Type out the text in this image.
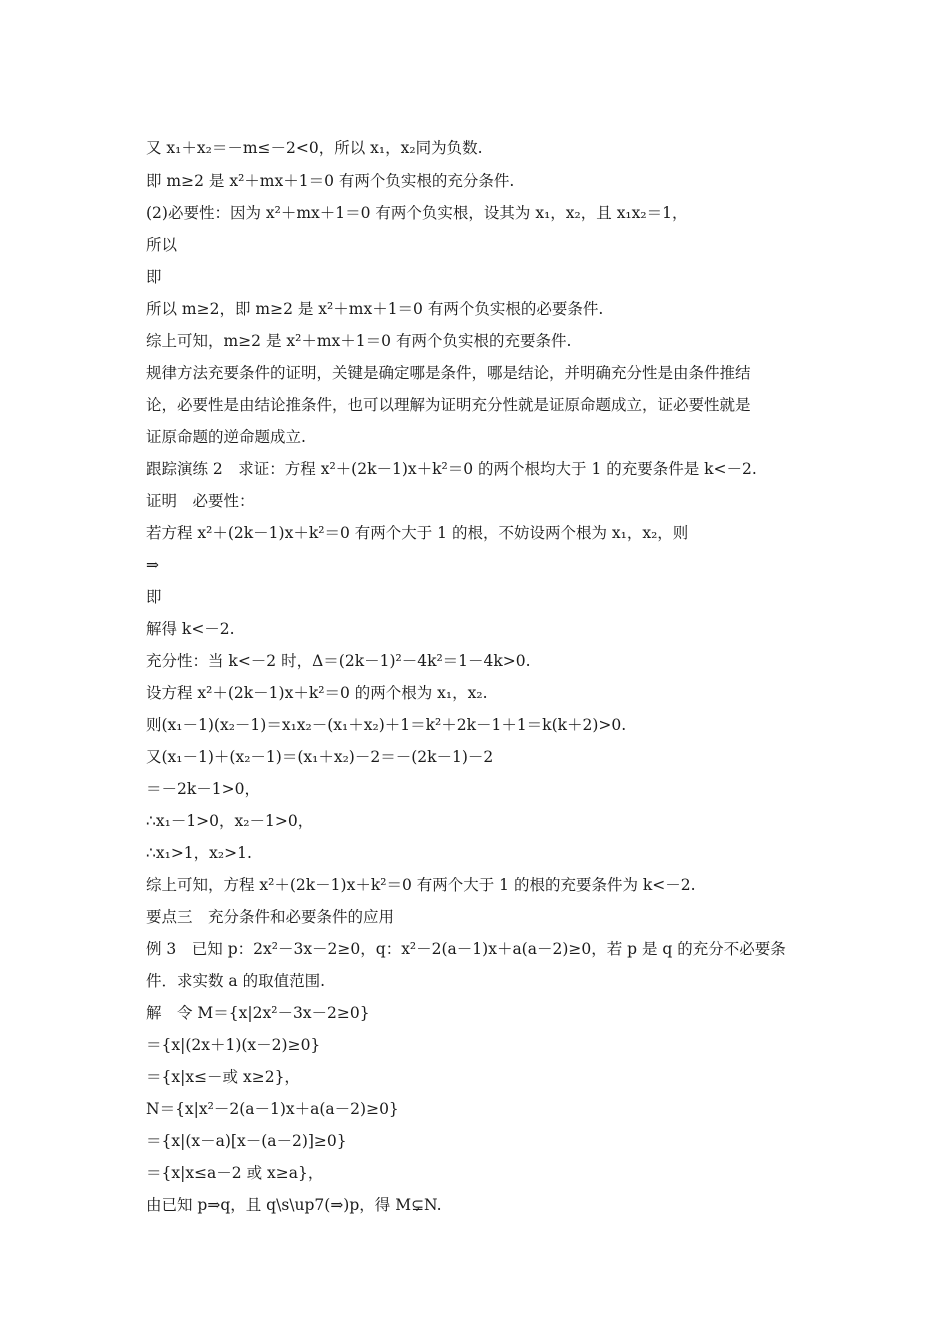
又 x₁＋x₂＝－m≤－2<0，所以 x₁，x₂同为负数.
即 m≥2 是 x²＋mx＋1＝0 有两个负实根的充分条件.
(2)必要性：因为 x²＋mx＋1＝0 有两个负实根，设其为 x₁，x₂，且 x₁x₂＝1，
所以
即
所以 m≥2，即 m≥2 是 x²＋mx＋1＝0 有两个负实根的必要条件.
综上可知，m≥2 是 x²＋mx＋1＝0 有两个负实根的充要条件.
规律方法充要条件的证明，关键是确定哪是条件，哪是结论，并明确充分性是由条件推结
论，必要性是由结论推条件，也可以理解为证明充分性就是证原命题成立，证必要性就是
证原命题的逆命题成立.
跟踪演练 2　求证：方程 x²＋(2k－1)x＋k²＝0 的两个根均大于 1 的充要条件是 k<－2.
证明　必要性：
若方程 x²＋(2k－1)x＋k²＝0 有两个大于 1 的根，不妨设两个根为 x₁，x₂，则
⇒
即
解得 k<－2.
充分性：当 k<－2 时，Δ＝(2k－1)²－4k²＝1－4k>0.
设方程 x²＋(2k－1)x＋k²＝0 的两个根为 x₁，x₂.
则(x₁－1)(x₂－1)＝x₁x₂－(x₁＋x₂)＋1＝k²＋2k－1＋1＝k(k＋2)>0.
又(x₁－1)＋(x₂－1)＝(x₁＋x₂)－2＝－(2k－1)－2
＝－2k－1>0，
∴x₁－1>0，x₂－1>0，
∴x₁>1，x₂>1.
综上可知，方程 x²＋(2k－1)x＋k²＝0 有两个大于 1 的根的充要条件为 k<－2.
要点三　充分条件和必要条件的应用
例 3　已知 p：2x²－3x－2≥0，q：x²－2(a－1)x＋a(a－2)≥0，若 p 是 q 的充分不必要条
件．求实数 a 的取值范围.
解　令 M＝{x|2x²－3x－2≥0}
＝{x|(2x＋1)(x－2)≥0}
＝{x|x≤－或 x≥2}，
N＝{x|x²－2(a－1)x＋a(a－2)≥0}
＝{x|(x－a)[x－(a－2)]≥0}
＝{x|x≤a－2 或 x≥a}，
由已知 p⇒q，且 q\s\up7(⇒)p，得 M⊊N.
